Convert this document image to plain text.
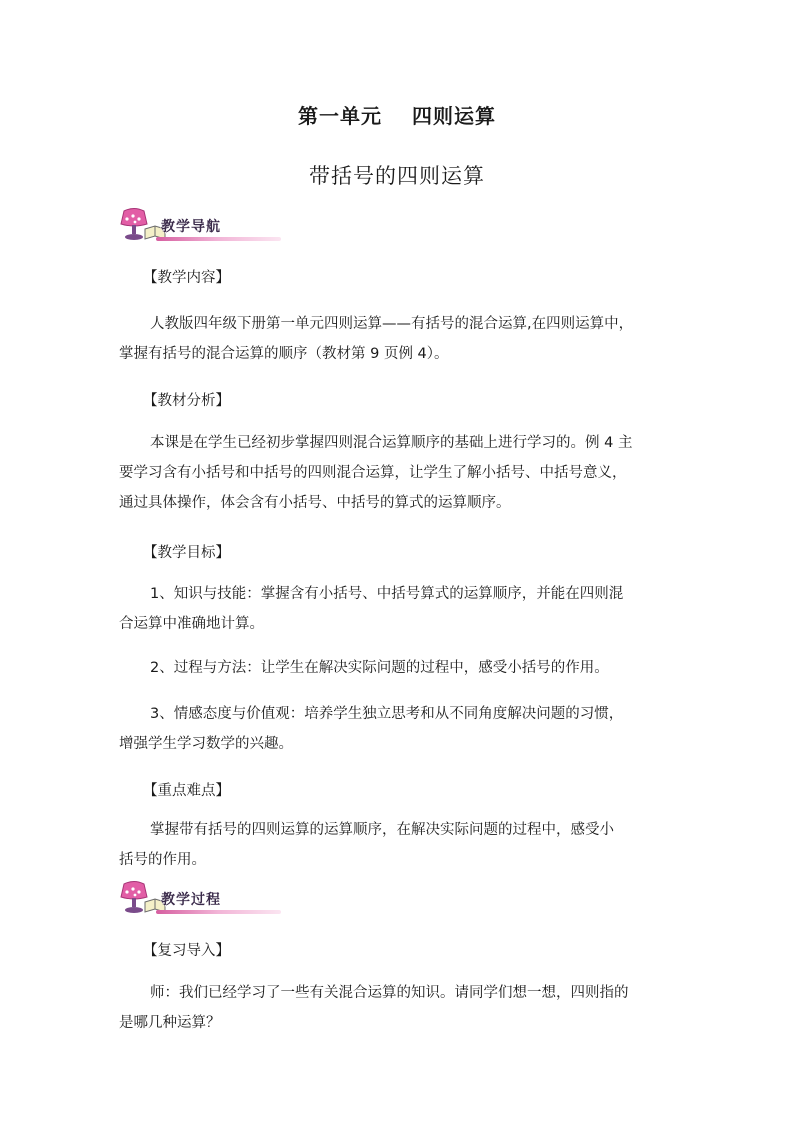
第一单元 四则运算
带括号的四则运算
教学导航
【教学内容】
人教版四年级下册第一单元四则运算——有括号的混合运算,在四则运算中，
掌握有括号的混合运算的顺序（教材第 9 页例 4）。
【教材分析】
本课是在学生已经初步掌握四则混合运算顺序的基础上进行学习的。例 4 主
要学习含有小括号和中括号的四则混合运算，让学生了解小括号、中括号意义，
通过具体操作，体会含有小括号、中括号的算式的运算顺序。
【教学目标】
1、知识与技能：掌握含有小括号、中括号算式的运算顺序，并能在四则混
合运算中准确地计算。
2、过程与方法：让学生在解决实际问题的过程中，感受小括号的作用。
3、情感态度与价值观：培养学生独立思考和从不同角度解决问题的习惯，
增强学生学习数学的兴趣。
【重点难点】
掌握带有括号的四则运算的运算顺序，在解决实际问题的过程中，感受小
括号的作用。
教学过程
【复习导入】
师：我们已经学习了一些有关混合运算的知识。请同学们想一想，四则指的
是哪几种运算？
